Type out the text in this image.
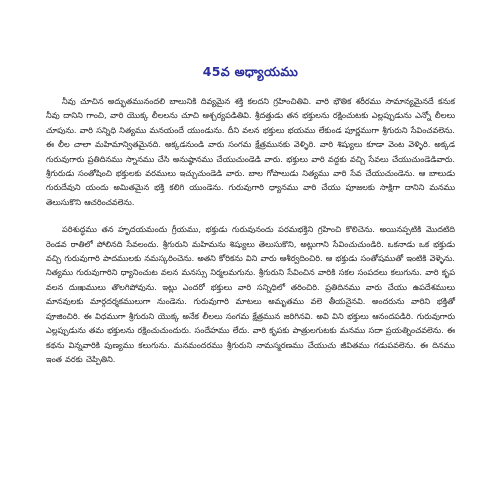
45వ అధ్యాయము

నీవు చూచిన అద్భుతమునందలి బాలునికి దివ్యమైన శక్తి కలదని గ్రహించితివి. వారి భౌతిక శరీరము సామాన్యమైనదే కనుక నీవు దానిని గాంచి, వారి యొక్క లీలలను చూచి ఆశ్చర్యపడితివి. శ్రీదత్తుడు తన భక్తులను రక్షించుటకు ఎల్లప్పుడును ఎన్నో లీలలు చూపును. వారి సన్నిధి నిత్యము మనయందే యుండును. దీని వలన భక్తులు భయము లేకుండ పూర్ణముగా శ్రీగురుని సేవించవలెను. ఈ లీల చాలా మహిమాన్వితమైనది. అక్కడనుండి వారు సంగమ క్షేత్రమునకు వెళ్ళిరి. వారి శిష్యులు కూడా వెంట వెళ్ళిరి. అక్కడ గురువుగారు ప్రతిదినము స్నానము చేసి అనుష్ఠానము చేయుచుండెడి వారు. భక్తులు వారి వద్దకు వచ్చి సేవలు చేయుచుండెడివారు. శ్రీగురుడు సంతోషించి భక్తులకు వరములు ఇచ్చుచుండెడి వారు. బాల గోపాలుడు నిత్యము వారి సేవ చేయుచుండెను. ఆ బాలుడు గురుదేవుని యందు అమితమైన భక్తి కలిగి యుండెను. గురువుగారి ధ్యానము వారి చేయు పూజలకు సాక్షిగా దానిని మనము తెలుసుకొని ఆచరించవలెను.

పరిశుద్ధము తన హృదయమందు గ్రీయము, భక్తుడు గురువునందు పరమభక్తిని గ్రహించి కొలిచెను. అయినప్పటికి మొదటిది రెండవ రాతిలో పోలినది సేవలందు. శ్రీగురుని మహిమను శిష్యులు తెలుసుకొని, అట్లుగాని సేవించుచుండిరి. ఒకనాడు ఒక భక్తుడు వచ్చి గురువుగారి పాదములకు నమస్కరించెను. అతని కోరికను విని వారు ఆశీర్వదించిరి. ఆ భక్తుడు సంతోషముతో ఇంటికి వెళ్ళెను. నిత్యము గురువుగారిని ధ్యానించుట వలన మనస్సు నిర్మలమగును. శ్రీగురుని సేవించిన వారికి సకల సంపదలు కలుగును. వారి కృప వలన దుఃఖములు తొలగిపోవును. ఇట్లు ఎందరో భక్తులు వారి సన్నిధిలో తరించిరి. ప్రతిదినము వారు చేయు ఉపదేశములు మానవులకు మార్గదర్శకములుగా నుండెను. గురువుగారి మాటలు అమృతము వలె తీయనైనవి. అందరును వారిని భక్తితో పూజించిరి. ఈ విధముగా శ్రీగురుని యొక్క అనేక లీలలు సంగమ క్షేత్రమున జరిగినవి. అవి విని భక్తులు ఆనందపడిరి. గురువుగారు ఎల్లప్పుడును తమ భక్తులను రక్షించుచుందురు. సందేహము లేదు. వారి కృపకు పాత్రులగుటకు మనము సదా ప్రయత్నించవలెను. ఈ కథను విన్నవారికి పుణ్యము కలుగును. మనమందరము శ్రీగురుని నామస్మరణము చేయుచు జీవితము గడుపవలెను. ఈ దినము ఇంత వరకు చెప్పితిని.
